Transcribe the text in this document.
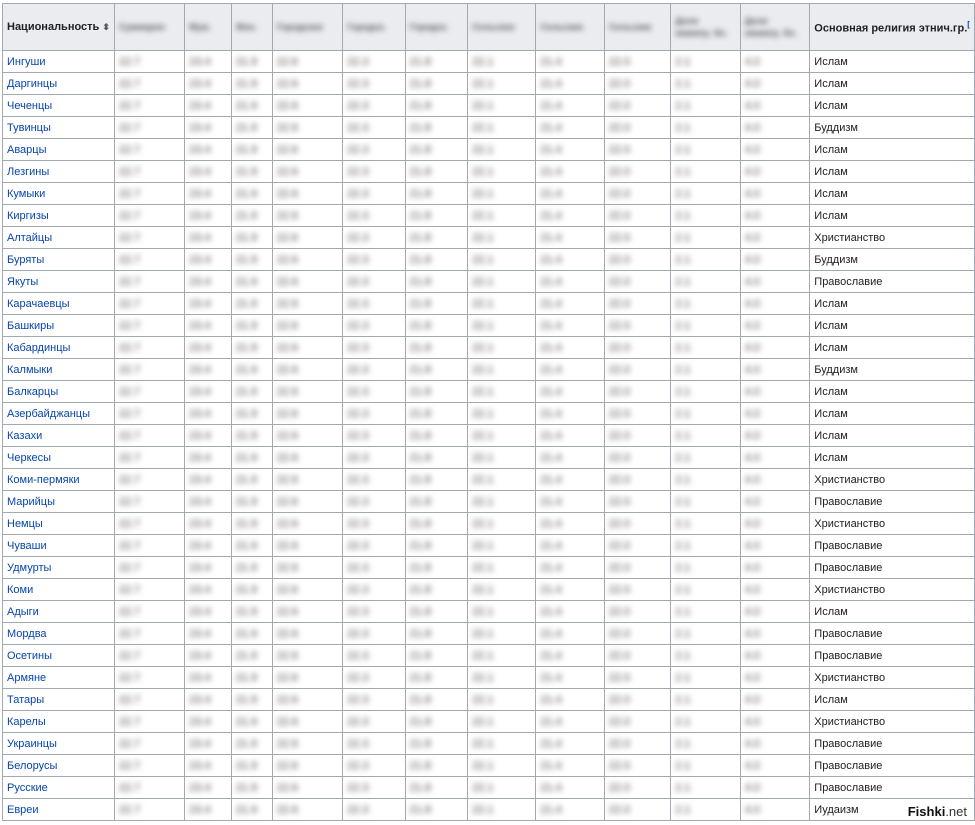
Национальность ⬍	Суммарно	Муж.	Жен.	Городское	Городск.	Городск.	Сельское	Сельские	Сельские	Доля иммигр. бл.	Доля иммигр. бл.	Основная религия этнич.гр.[
Ингуши	22.7	23.4	21.9	22.6	22.3	21.8	22.1	21.4	22.0	2.1	4.0	Ислам
Даргинцы	22.7	23.4	21.9	22.6	22.3	21.8	22.1	21.4	22.0	2.1	4.0	Ислам
Чеченцы	22.7	23.4	21.9	22.6	22.3	21.8	22.1	21.4	22.0	2.1	4.0	Ислам
Тувинцы	22.7	23.4	21.9	22.6	22.3	21.8	22.1	21.4	22.0	2.1	4.0	Буддизм
Аварцы	22.7	23.4	21.9	22.6	22.3	21.8	22.1	21.4	22.0	2.1	4.0	Ислам
Лезгины	22.7	23.4	21.9	22.6	22.3	21.8	22.1	21.4	22.0	2.1	4.0	Ислам
Кумыки	22.7	23.4	21.9	22.6	22.3	21.8	22.1	21.4	22.0	2.1	4.0	Ислам
Киргизы	22.7	23.4	21.9	22.6	22.3	21.8	22.1	21.4	22.0	2.1	4.0	Ислам
Алтайцы	22.7	23.4	21.9	22.6	22.3	21.8	22.1	21.4	22.0	2.1	4.0	Христианство
Буряты	22.7	23.4	21.9	22.6	22.3	21.8	22.1	21.4	22.0	2.1	4.0	Буддизм
Якуты	22.7	23.4	21.9	22.6	22.3	21.8	22.1	21.4	22.0	2.1	4.0	Православие
Карачаевцы	22.7	23.4	21.9	22.6	22.3	21.8	22.1	21.4	22.0	2.1	4.0	Ислам
Башкиры	22.7	23.4	21.9	22.6	22.3	21.8	22.1	21.4	22.0	2.1	4.0	Ислам
Кабардинцы	22.7	23.4	21.9	22.6	22.3	21.8	22.1	21.4	22.0	2.1	4.0	Ислам
Калмыки	22.7	23.4	21.9	22.6	22.3	21.8	22.1	21.4	22.0	2.1	4.0	Буддизм
Балкарцы	22.7	23.4	21.9	22.6	22.3	21.8	22.1	21.4	22.0	2.1	4.0	Ислам
Азербайджанцы	22.7	23.4	21.9	22.6	22.3	21.8	22.1	21.4	22.0	2.1	4.0	Ислам
Казахи	22.7	23.4	21.9	22.6	22.3	21.8	22.1	21.4	22.0	2.1	4.0	Ислам
Черкесы	22.7	23.4	21.9	22.6	22.3	21.8	22.1	21.4	22.0	2.1	4.0	Ислам
Коми-пермяки	22.7	23.4	21.9	22.6	22.3	21.8	22.1	21.4	22.0	2.1	4.0	Христианство
Марийцы	22.7	23.4	21.9	22.6	22.3	21.8	22.1	21.4	22.0	2.1	4.0	Православие
Немцы	22.7	23.4	21.9	22.6	22.3	21.8	22.1	21.4	22.0	2.1	4.0	Христианство
Чуваши	22.7	23.4	21.9	22.6	22.3	21.8	22.1	21.4	22.0	2.1	4.0	Православие
Удмурты	22.7	23.4	21.9	22.6	22.3	21.8	22.1	21.4	22.0	2.1	4.0	Православие
Коми	22.7	23.4	21.9	22.6	22.3	21.8	22.1	21.4	22.0	2.1	4.0	Христианство
Адыги	22.7	23.4	21.9	22.6	22.3	21.8	22.1	21.4	22.0	2.1	4.0	Ислам
Мордва	22.7	23.4	21.9	22.6	22.3	21.8	22.1	21.4	22.0	2.1	4.0	Православие
Осетины	22.7	23.4	21.9	22.6	22.3	21.8	22.1	21.4	22.0	2.1	4.0	Православие
Армяне	22.7	23.4	21.9	22.6	22.3	21.8	22.1	21.4	22.0	2.1	4.0	Христианство
Татары	22.7	23.4	21.9	22.6	22.3	21.8	22.1	21.4	22.0	2.1	4.0	Ислам
Карелы	22.7	23.4	21.9	22.6	22.3	21.8	22.1	21.4	22.0	2.1	4.0	Христианство
Украинцы	22.7	23.4	21.9	22.6	22.3	21.8	22.1	21.4	22.0	2.1	4.0	Православие
Белорусы	22.7	23.4	21.9	22.6	22.3	21.8	22.1	21.4	22.0	2.1	4.0	Православие
Русские	22.7	23.4	21.9	22.6	22.3	21.8	22.1	21.4	22.0	2.1	4.0	Православие
Евреи	22.7	23.4	21.9	22.6	22.3	21.8	22.1	21.4	22.0	2.1	4.0	Иудаизм	Fishki.net
